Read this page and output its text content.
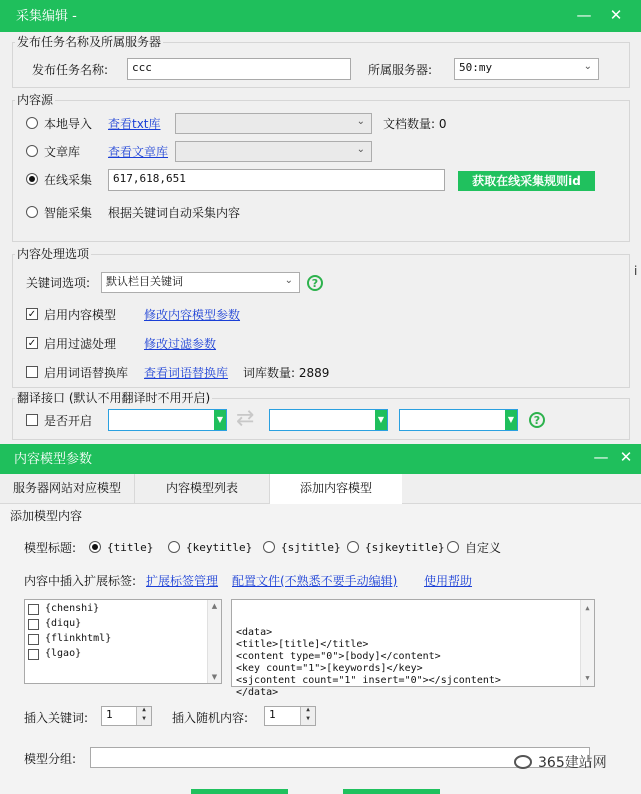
采集编辑 -	— ✕
发布任务名称及所属服务器
发布任务名称:	ccc	所属服务器:	50:my	⌄
内容源
本地导入 查看txt库	⌄ 文档数量: 0
文章库 查看文章库	⌄
在线采集	617,618,651	获取在线采集规则id
智能采集 根据关键词自动采集内容
内容处理选项
关键词选项:	默认栏目关键词	⌄	?
✓ 启用内容模型 修改内容模型参数
✓ 启用过滤处理 修改过滤参数
启用词语替换库 查看词语替换库 词库数量: 2889
翻译接口 (默认不用翻译时不用开启)
是否开启	▼ ⇄	▼	▼	?
i
内容模型参数	— ✕
服务器网站对应模型	内容模型列表	添加内容模型
添加模型内容
模型标题:	{title}	{keytitle}	{sjtitle} {sjkeytitle} 自定义
内容中插入扩展标签: 扩展标签管理 配置文件(不熟悉不要手动编辑) 使用帮助
{chenshi}
{diqu}
{flinkhtml}
{lgao}
▲
▼

<data>
<title>[title]</title>
<content type="0">[body]</content>
<key count="1">[keywords]</key>
<sjcontent count="1" insert="0"></sjcontent>
</data>

▲

▼

插入关键词:	1	▲
▼	插入随机内容:	1	▲
▼
模型分组:	365建站网
